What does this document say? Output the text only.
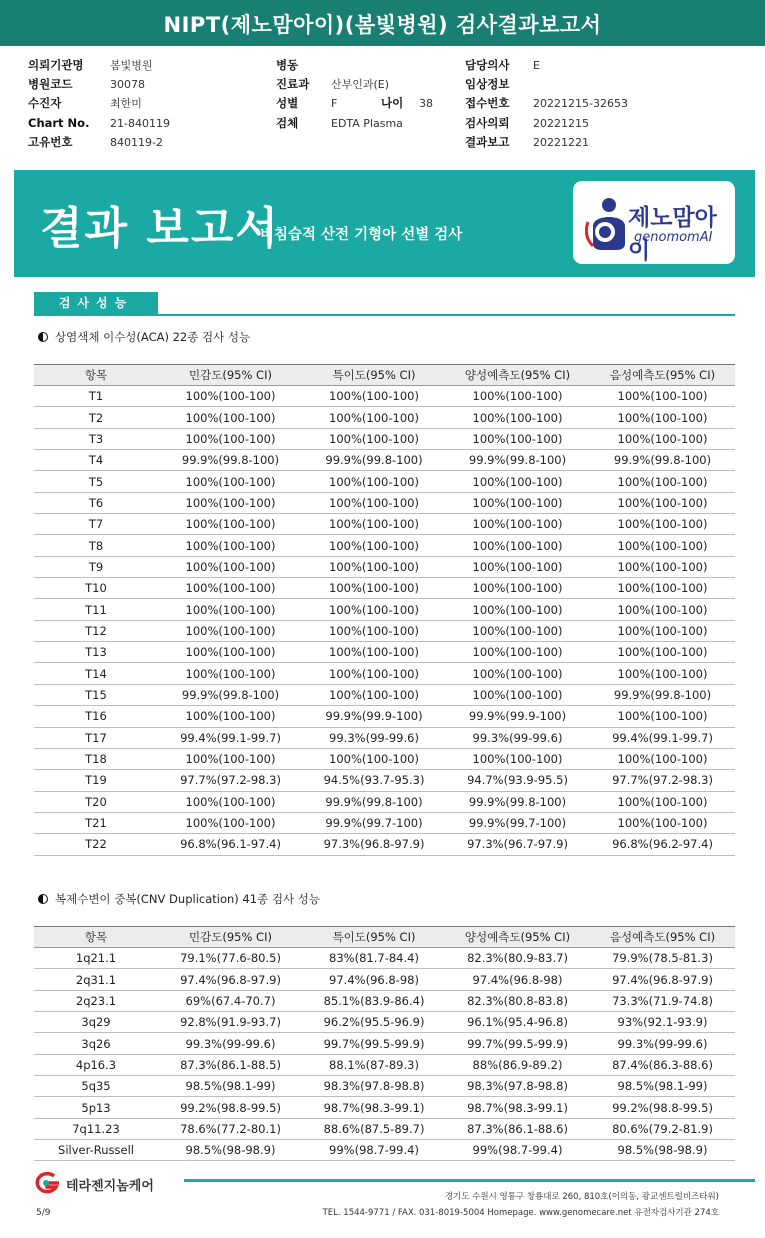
NIPT(제노맘아이)(봄빛병원) 검사결과보고서
의뢰기관명 봄빛병원
병원코드	30078
수진자	최한미
Chart No. 21-840119
고유번호	840119-2
병동
진료과 산부인과(E)
성별	F	나이 38
검체	EDTA Plasma
담당의사 E
임상정보
접수번호 20221215-32653
검사의뢰 20221215
결과보고 20221221
결과 보고서
비침습적 산전 기형아 선별 검사
제노맘아이
genomomAI
검사성능
상염색체 이수성(ACA) 22종 검사 성능
항목	민감도(95% CI)	특이도(95% CI)	양성예측도(95% CI)	음성예측도(95% CI)
T1	100%(100-100)	100%(100-100)	100%(100-100)	100%(100-100)
T2	100%(100-100)	100%(100-100)	100%(100-100)	100%(100-100)
T3	100%(100-100)	100%(100-100)	100%(100-100)	100%(100-100)
T4	99.9%(99.8-100)	99.9%(99.8-100)	99.9%(99.8-100)	99.9%(99.8-100)
T5	100%(100-100)	100%(100-100)	100%(100-100)	100%(100-100)
T6	100%(100-100)	100%(100-100)	100%(100-100)	100%(100-100)
T7	100%(100-100)	100%(100-100)	100%(100-100)	100%(100-100)
T8	100%(100-100)	100%(100-100)	100%(100-100)	100%(100-100)
T9	100%(100-100)	100%(100-100)	100%(100-100)	100%(100-100)
T10	100%(100-100)	100%(100-100)	100%(100-100)	100%(100-100)
T11	100%(100-100)	100%(100-100)	100%(100-100)	100%(100-100)
T12	100%(100-100)	100%(100-100)	100%(100-100)	100%(100-100)
T13	100%(100-100)	100%(100-100)	100%(100-100)	100%(100-100)
T14	100%(100-100)	100%(100-100)	100%(100-100)	100%(100-100)
T15	99.9%(99.8-100)	100%(100-100)	100%(100-100)	99.9%(99.8-100)
T16	100%(100-100)	99.9%(99.9-100)	99.9%(99.9-100)	100%(100-100)
T17	99.4%(99.1-99.7)	99.3%(99-99.6)	99.3%(99-99.6)	99.4%(99.1-99.7)
T18	100%(100-100)	100%(100-100)	100%(100-100)	100%(100-100)
T19	97.7%(97.2-98.3)	94.5%(93.7-95.3)	94.7%(93.9-95.5)	97.7%(97.2-98.3)
T20	100%(100-100)	99.9%(99.8-100)	99.9%(99.8-100)	100%(100-100)
T21	100%(100-100)	99.9%(99.7-100)	99.9%(99.7-100)	100%(100-100)
T22	96.8%(96.1-97.4)	97.3%(96.8-97.9)	97.3%(96.7-97.9)	96.8%(96.2-97.4)
복제수변이 중복(CNV Duplication) 41종 검사 성능
항목	민감도(95% CI)	특이도(95% CI)	양성예측도(95% CI)	음성예측도(95% CI)
1q21.1	79.1%(77.6-80.5)	83%(81.7-84.4)	82.3%(80.9-83.7)	79.9%(78.5-81.3)
2q31.1	97.4%(96.8-97.9)	97.4%(96.8-98)	97.4%(96.8-98)	97.4%(96.8-97.9)
2q23.1	69%(67.4-70.7)	85.1%(83.9-86.4)	82.3%(80.8-83.8)	73.3%(71.9-74.8)
3q29	92.8%(91.9-93.7)	96.2%(95.5-96.9)	96.1%(95.4-96.8)	93%(92.1-93.9)
3q26	99.3%(99-99.6)	99.7%(99.5-99.9)	99.7%(99.5-99.9)	99.3%(99-99.6)
4p16.3	87.3%(86.1-88.5)	88.1%(87-89.3)	88%(86.9-89.2)	87.4%(86.3-88.6)
5q35	98.5%(98.1-99)	98.3%(97.8-98.8)	98.3%(97.8-98.8)	98.5%(98.1-99)
5p13	99.2%(98.8-99.5)	98.7%(98.3-99.1)	98.7%(98.3-99.1)	99.2%(98.8-99.5)
7q11.23	78.6%(77.2-80.1)	88.6%(87.5-89.7)	87.3%(86.1-88.6)	80.6%(79.2-81.9)
Silver-Russell	98.5%(98-98.9)	99%(98.7-99.4)	99%(98.7-99.4)	98.5%(98-98.9)
테라젠지놈케어
경기도 수원시 영통구 창룡대로 260, 810호(이의동, 광교센트럴비즈타워)
TEL. 1544-9771 / FAX. 031-8019-5004 Homepage. www.genomecare.net 유전자검사기관 274호
5/9
